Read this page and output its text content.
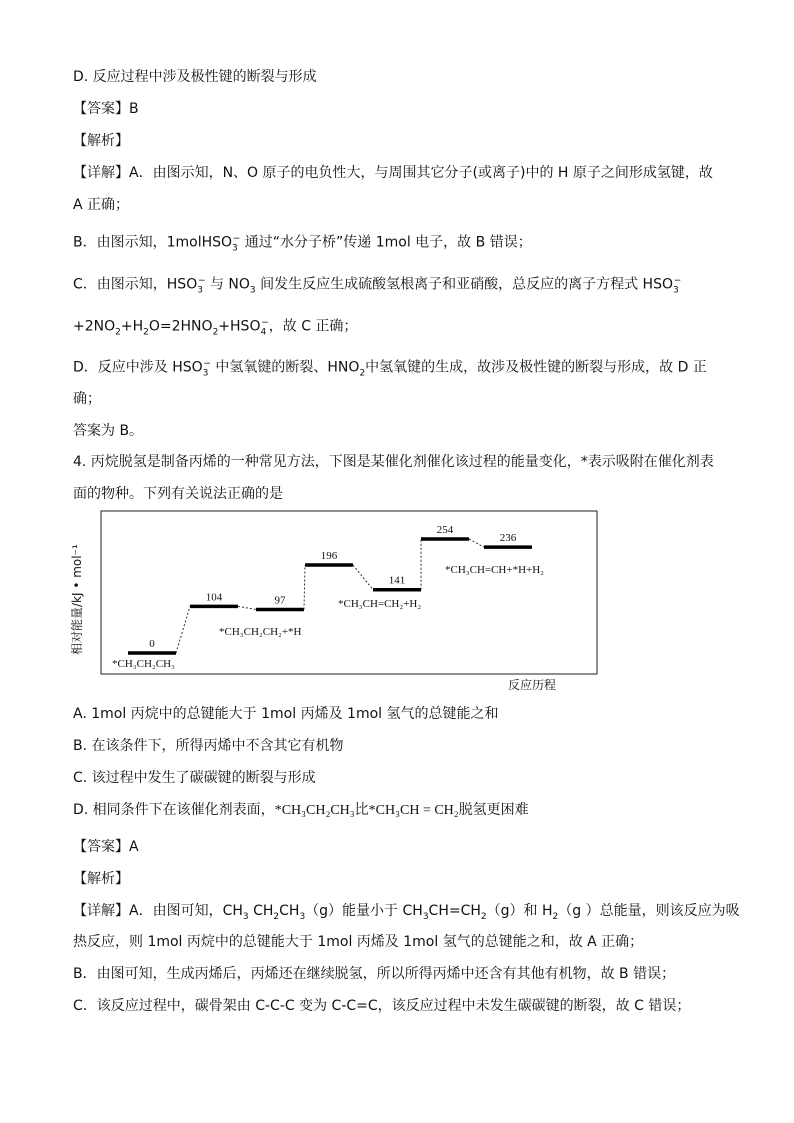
D. 反应过程中涉及极性键的断裂与形成
【答案】B
【解析】
【详解】A．由图示知，N、O 原子的电负性大，与周围其它分子(或离子)中的 H 原子之间形成氢键，故
A 正确；
B．由图示知，1molHSO$_3$− 通过“水分子桥”传递 1mol 电子，故 B 错误；
C．由图示知，$HSO_3^-$ 与 $NO_3$ 间发生反应生成硫酸氢根离子和亚硝酸，总反应的离子方程式 $HSO_3^-$
$+2NO_2+H_2O=2HNO_2+HSO_4^-$，故 C 正确；
D．反应中涉及 $HSO_3^-$ 中氢氧键的断裂、$HNO_2$中氢氧键的生成，故涉及极性键的断裂与形成，故 D 正
确；
答案为 B。
4. 丙烷脱氢是制备丙烯的一种常见方法，下图是某催化剂催化该过程的能量变化，*表示吸附在催化剂表
面的物种。下列有关说法正确的是
相对能量/kJ • mol⁻¹
反应历程
0
*CH₃CH₂CH₃
104	97
*CH₃CH₂CH₂+*H
196
141
*CH₃CH=CH₂+H₂
254
236
*CH₃CH=CH+*H+H₂
A. 1mol 丙烷中的总键能大于 1mol 丙烯及 1mol 氢气的总键能之和
B. 在该条件下，所得丙烯中不含其它有机物
C. 该过程中发生了碳碳键的断裂与形成
D. 相同条件下在该催化剂表面，*CH₃CH₂CH₃比*CH₃CH = CH₂脱氢更困难
【答案】A
【解析】
【详解】A．由图可知，$CH_3$ $CH_2CH_3(g)$能量小于 $CH_3CH=CH_2(g)$和 $H_2(g$ ）总能量，则该反应为吸
热反应，则 1mol 丙烷中的总键能大于 1mol 丙烯及 1mol 氢气的总键能之和，故 A 正确；
B．由图可知，生成丙烯后，丙烯还在继续脱氢，所以所得丙烯中还含有其他有机物，故 B 错误；
C．该反应过程中，碳骨架由 C-C-C 变为 C-C=C，该反应过程中未发生碳碳键的断裂，故 C 错误；
